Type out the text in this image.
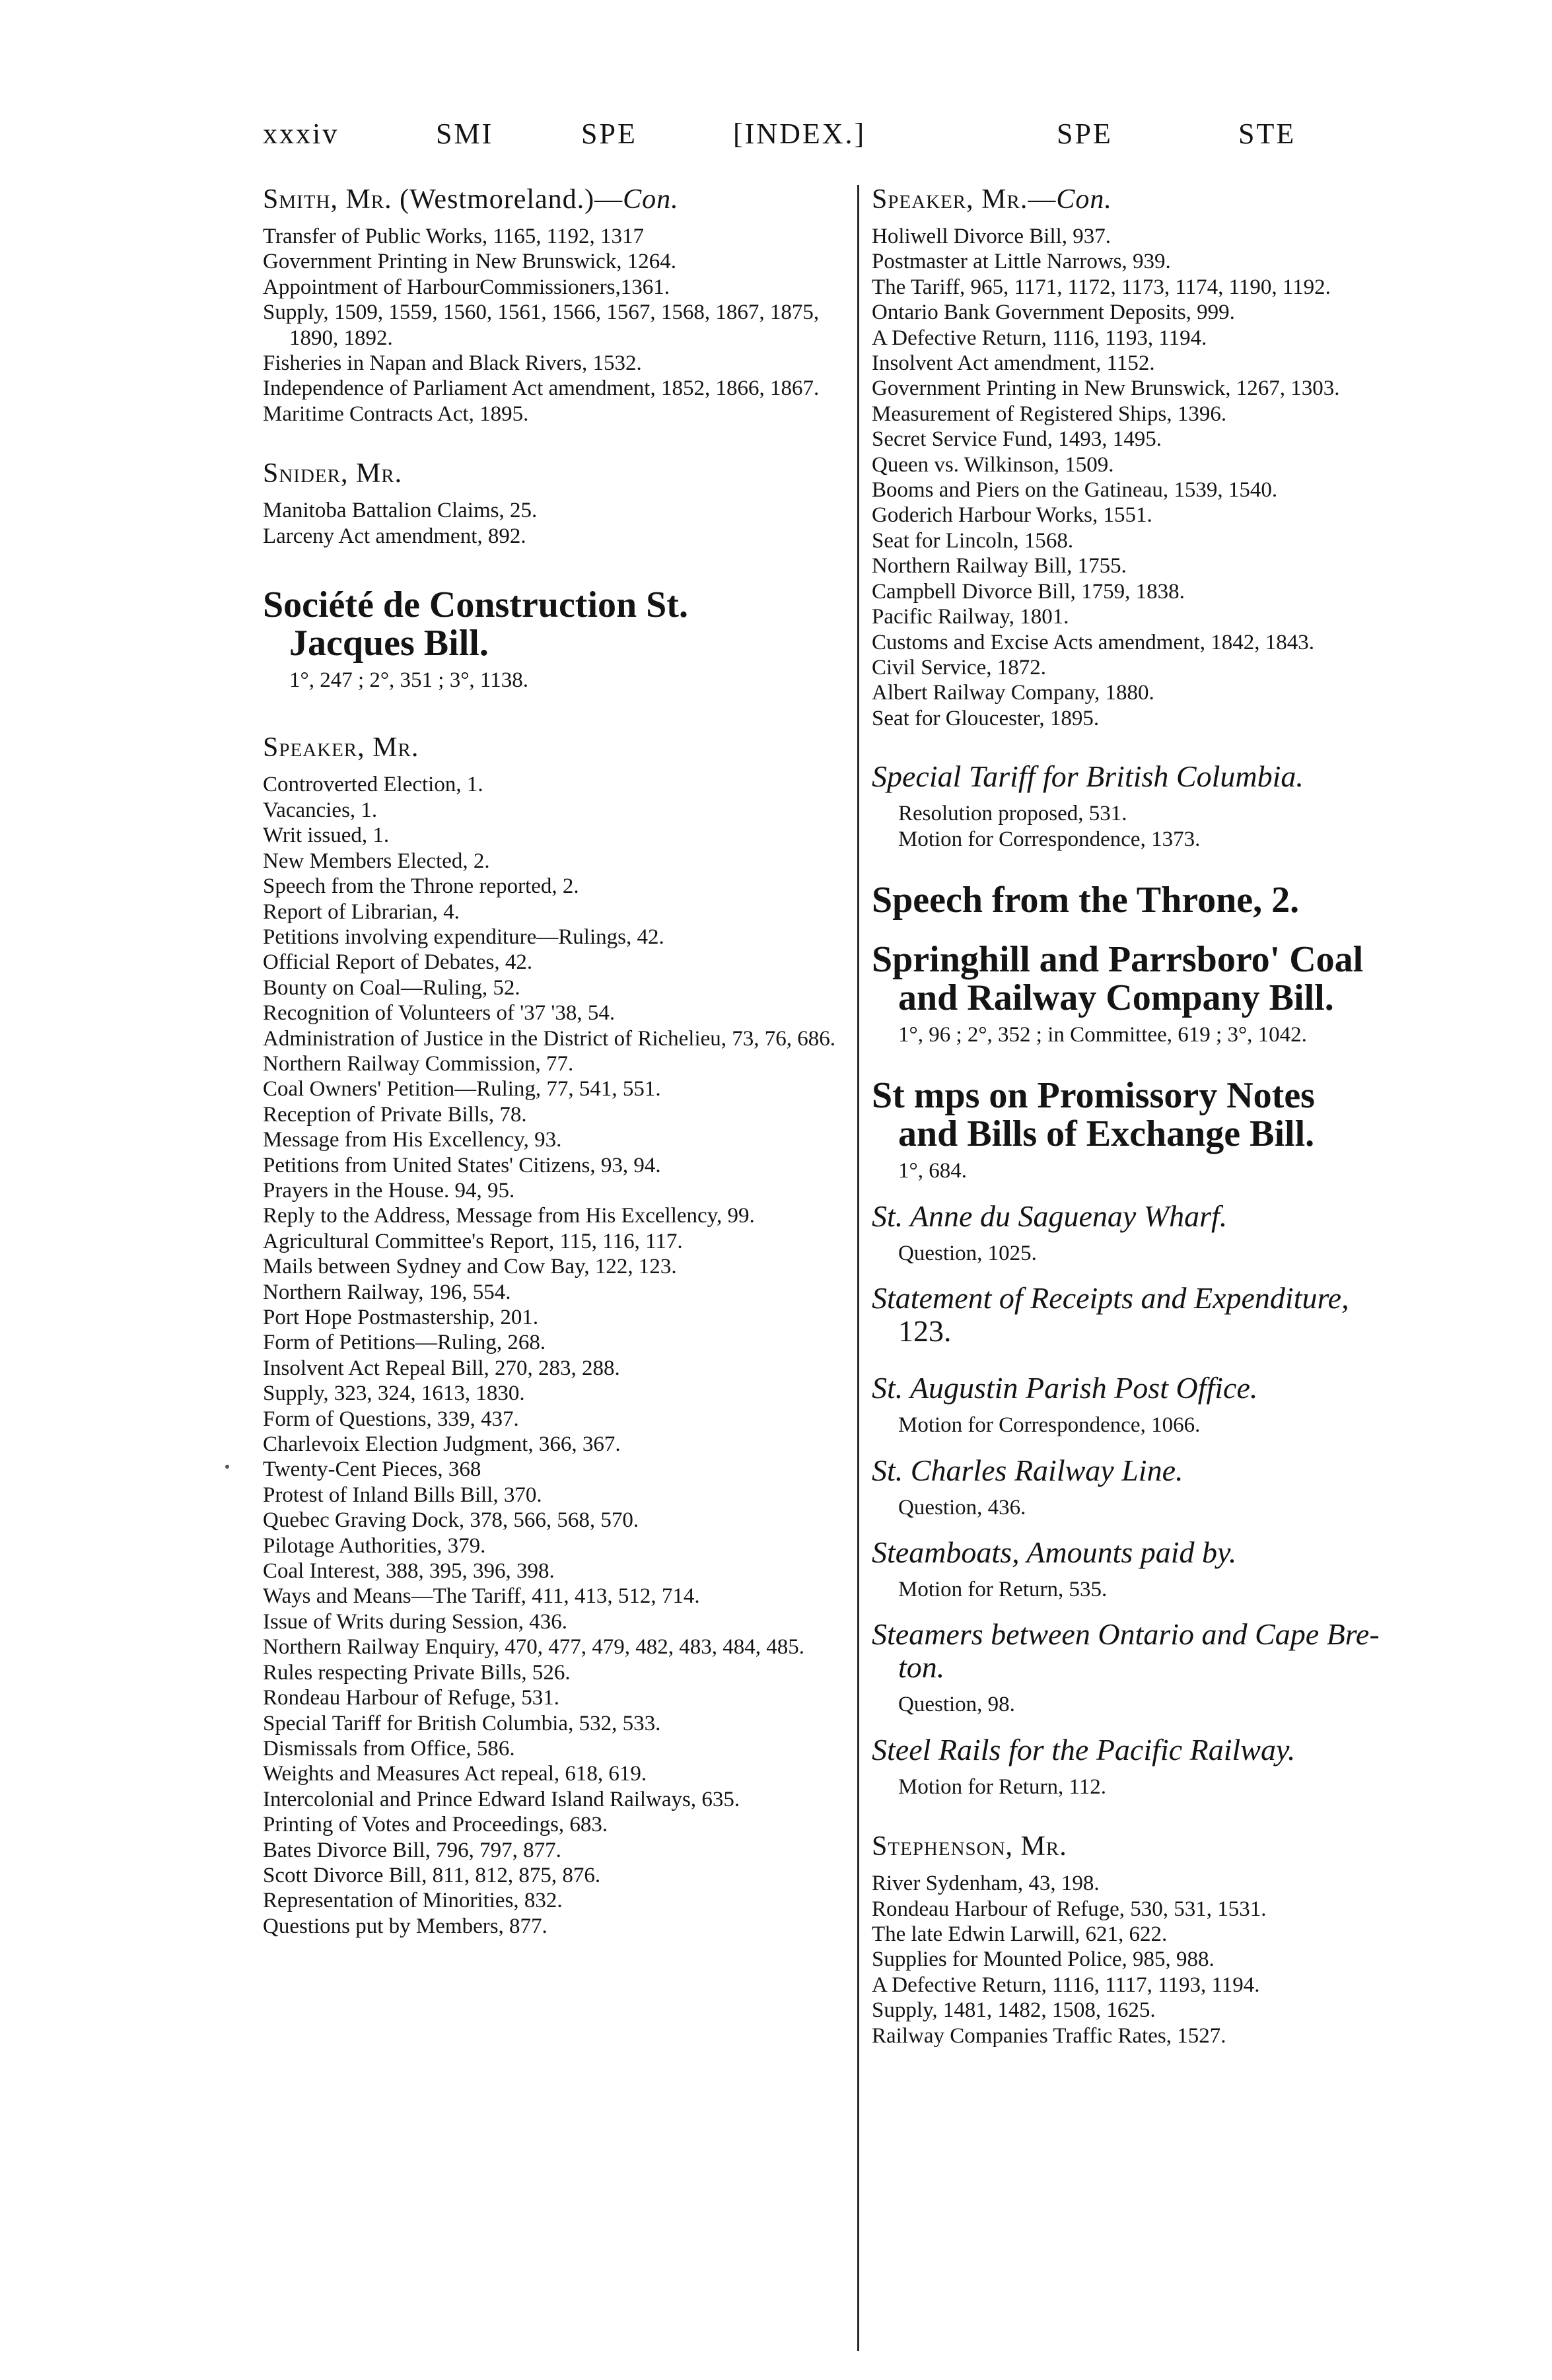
xxxiv	SMI	SPE	[INDEX.]	SPE	STE
Smith, Mr. (Westmoreland.)—Con.
Transfer of Public Works, 1165, 1192, 1317
Government Printing in New Brunswick, 1264.
Appointment of HarbourCommissioners,1361.
Supply, 1509, 1559, 1560, 1561, 1566, 1567, 1568, 1867, 1875, 1890, 1892.
Fisheries in Napan and Black Rivers, 1532.
Independence of Parliament Act amendment, 1852, 1866, 1867.
Maritime Contracts Act, 1895.
Snider, Mr.
Manitoba Battalion Claims, 25.
Larceny Act amendment, 892.
Société de Construction St.
Jacques Bill.
1°, 247 ; 2°, 351 ; 3°, 1138.
Speaker, Mr.
Controverted Election, 1.
Vacancies, 1.
Writ issued, 1.
New Members Elected, 2.
Speech from the Throne reported, 2.
Report of Librarian, 4.
Petitions involving expenditure—Rulings, 42.
Official Report of Debates, 42.
Bounty on Coal—Ruling, 52.
Recognition of Volunteers of '37 '38, 54.
Administration of Justice in the District of Richelieu, 73, 76, 686.
Northern Railway Commission, 77.
Coal Owners' Petition—Ruling, 77, 541, 551.
Reception of Private Bills, 78.
Message from His Excellency, 93.
Petitions from United States' Citizens, 93, 94.
Prayers in the House. 94, 95.
Reply to the Address, Message from His Excellency, 99.
Agricultural Committee's Report, 115, 116, 117.
Mails between Sydney and Cow Bay, 122, 123.
Northern Railway, 196, 554.
Port Hope Postmastership, 201.
Form of Petitions—Ruling, 268.
Insolvent Act Repeal Bill, 270, 283, 288.
Supply, 323, 324, 1613, 1830.
Form of Questions, 339, 437.
Charlevoix Election Judgment, 366, 367.
Twenty-Cent Pieces, 368
Protest of Inland Bills Bill, 370.
Quebec Graving Dock, 378, 566, 568, 570.
Pilotage Authorities, 379.
Coal Interest, 388, 395, 396, 398.
Ways and Means—The Tariff, 411, 413, 512, 714.
Issue of Writs during Session, 436.
Northern Railway Enquiry, 470, 477, 479, 482, 483, 484, 485.
Rules respecting Private Bills, 526.
Rondeau Harbour of Refuge, 531.
Special Tariff for British Columbia, 532, 533.
Dismissals from Office, 586.
Weights and Measures Act repeal, 618, 619.
Intercolonial and Prince Edward Island Railways, 635.
Printing of Votes and Proceedings, 683.
Bates Divorce Bill, 796, 797, 877.
Scott Divorce Bill, 811, 812, 875, 876.
Representation of Minorities, 832.
Questions put by Members, 877.
Speaker, Mr.—Con.
Holiwell Divorce Bill, 937.
Postmaster at Little Narrows, 939.
The Tariff, 965, 1171, 1172, 1173, 1174, 1190, 1192.
Ontario Bank Government Deposits, 999.
A Defective Return, 1116, 1193, 1194.
Insolvent Act amendment, 1152.
Government Printing in New Brunswick, 1267, 1303.
Measurement of Registered Ships, 1396.
Secret Service Fund, 1493, 1495.
Queen vs. Wilkinson, 1509.
Booms and Piers on the Gatineau, 1539, 1540.
Goderich Harbour Works, 1551.
Seat for Lincoln, 1568.
Northern Railway Bill, 1755.
Campbell Divorce Bill, 1759, 1838.
Pacific Railway, 1801.
Customs and Excise Acts amendment, 1842, 1843.
Civil Service, 1872.
Albert Railway Company, 1880.
Seat for Gloucester, 1895.
Special Tariff for British Columbia.
Resolution proposed, 531.
Motion for Correspondence, 1373.
Speech from the Throne, 2.
Springhill and Parrsboro' Coal
and Railway Company Bill.
1°, 96 ; 2°, 352 ; in Committee, 619 ; 3°, 1042.
St mps on Promissory Notes
and Bills of Exchange Bill.
1°, 684.
St. Anne du Saguenay Wharf.
Question, 1025.
Statement of Receipts and Expenditure,
123.
St. Augustin Parish Post Office.
Motion for Correspondence, 1066.
St. Charles Railway Line.
Question, 436.
Steamboats, Amounts paid by.
Motion for Return, 535.
Steamers between Ontario and Cape Bre-
ton.
Question, 98.
Steel Rails for the Pacific Railway.
Motion for Return, 112.
Stephenson, Mr.
River Sydenham, 43, 198.
Rondeau Harbour of Refuge, 530, 531, 1531.
The late Edwin Larwill, 621, 622.
Supplies for Mounted Police, 985, 988.
A Defective Return, 1116, 1117, 1193, 1194.
Supply, 1481, 1482, 1508, 1625.
Railway Companies Traffic Rates, 1527.
